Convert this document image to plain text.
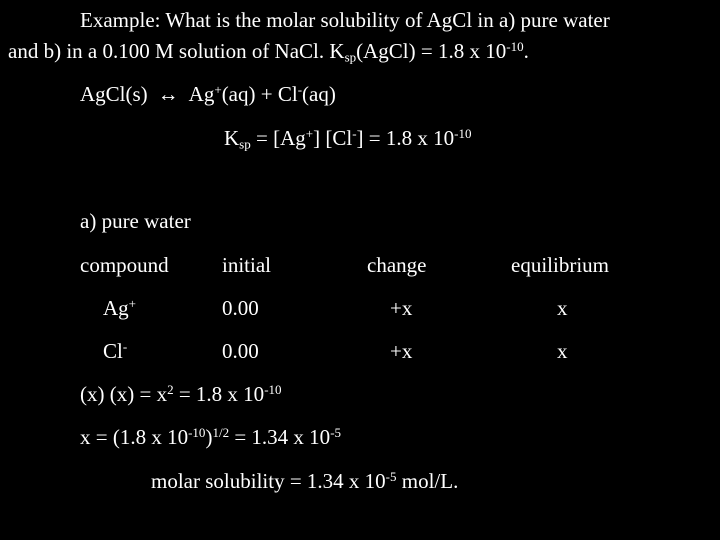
Example: What is the molar solubility of AgCl in a) pure water
and b) in a 0.100 M solution of NaCl. $K_{sp}(AgCl) = 1.8$ x $10^{-10}$.
AgCl(s) ↔ Ag+(aq) + Cl-(aq)
$K_{sp} = [Ag^+] [Cl^-] = 1.8$ x $10^{-10}$
a) pure water
compound	initial	change	equilibrium
Ag+	0.00	+x	x
Cl-	0.00	+x	x
(x) $(x) = x^2 = 1.8$ x $10^{-10}$
x = (1.8 x $10^{-10})^{1/2} = 1.34$ x $10^{-5}$
molar solubility = 1.34 x $10^{-5}$ mol/L.
